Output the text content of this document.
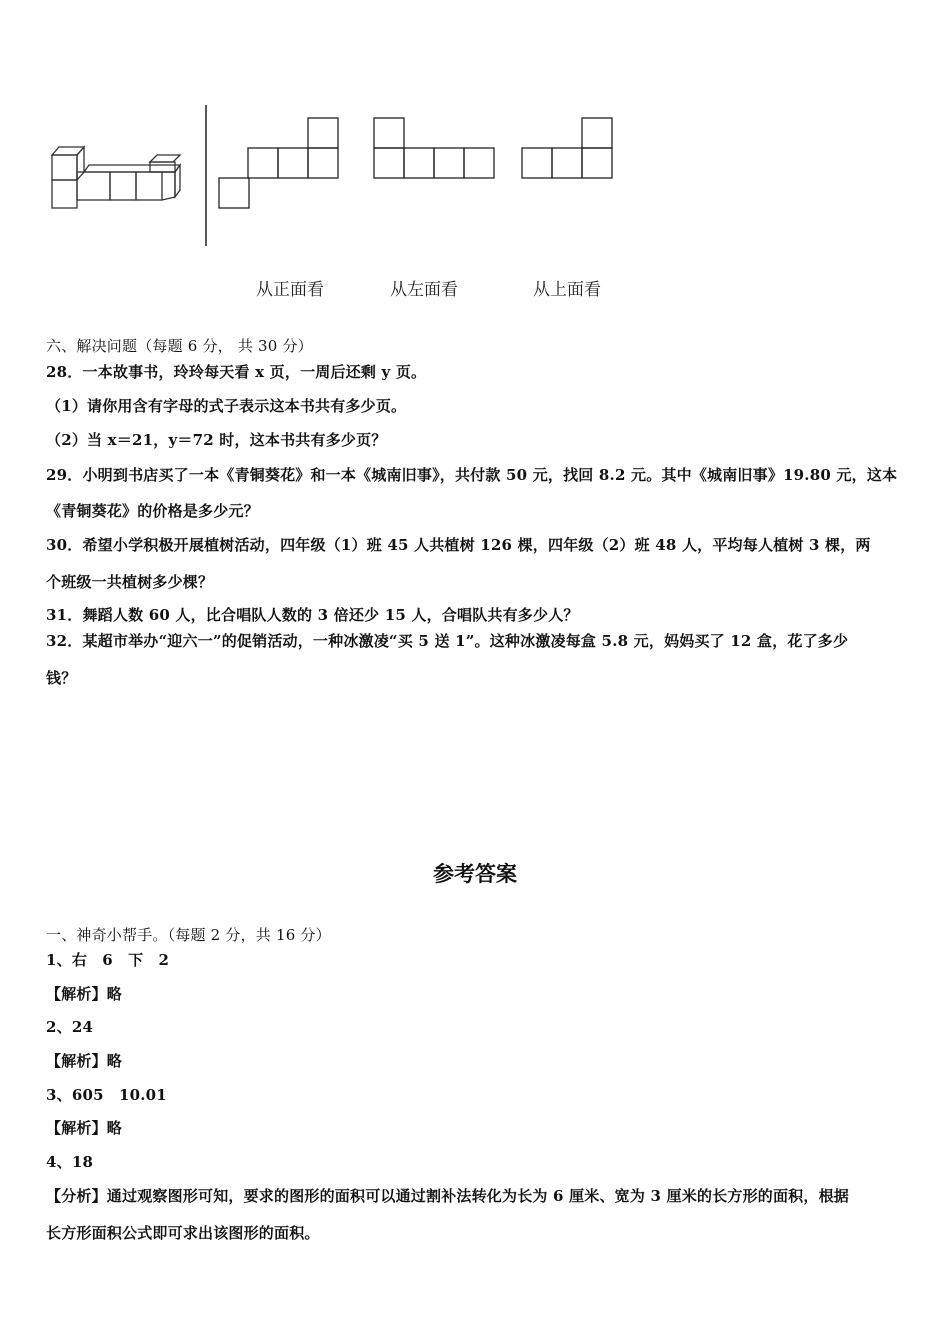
从正面看	从左面看	从上面看
六、解决问题（每题 6 分， 共 30 分）
28．一本故事书，玲玲每天看 x 页，一周后还剩 y 页。
（1）请你用含有字母的式子表示这本书共有多少页。
（2）当 x＝21，y＝72 时，这本书共有多少页？
29．小明到书店买了一本《青铜葵花》和一本《城南旧事》，共付款 50 元，找回 8.2 元。其中《城南旧事》19.80 元，这本
《青铜葵花》的价格是多少元？
30．希望小学积极开展植树活动，四年级（1）班 45 人共植树 126 棵，四年级（2）班 48 人，平均每人植树 3 棵，两
个班级一共植树多少棵？
31．舞蹈人数 60 人，比合唱队人数的 3 倍还少 15 人，合唱队共有多少人？
32．某超市举办“迎六一”的促销活动，一种冰激凌“买 5 送 1”。这种冰激凌每盒 5.8 元，妈妈买了 12 盒，花了多少
钱？
参考答案
一、神奇小帮手。（每题 2 分，共 16 分）
1、右　6　下　2
【解析】略
2、24
【解析】略
3、605　10.01
【解析】略
4、18
【分析】通过观察图形可知，要求的图形的面积可以通过割补法转化为长为 6 厘米、宽为 3 厘米的长方形的面积，根据
长方形面积公式即可求出该图形的面积。
